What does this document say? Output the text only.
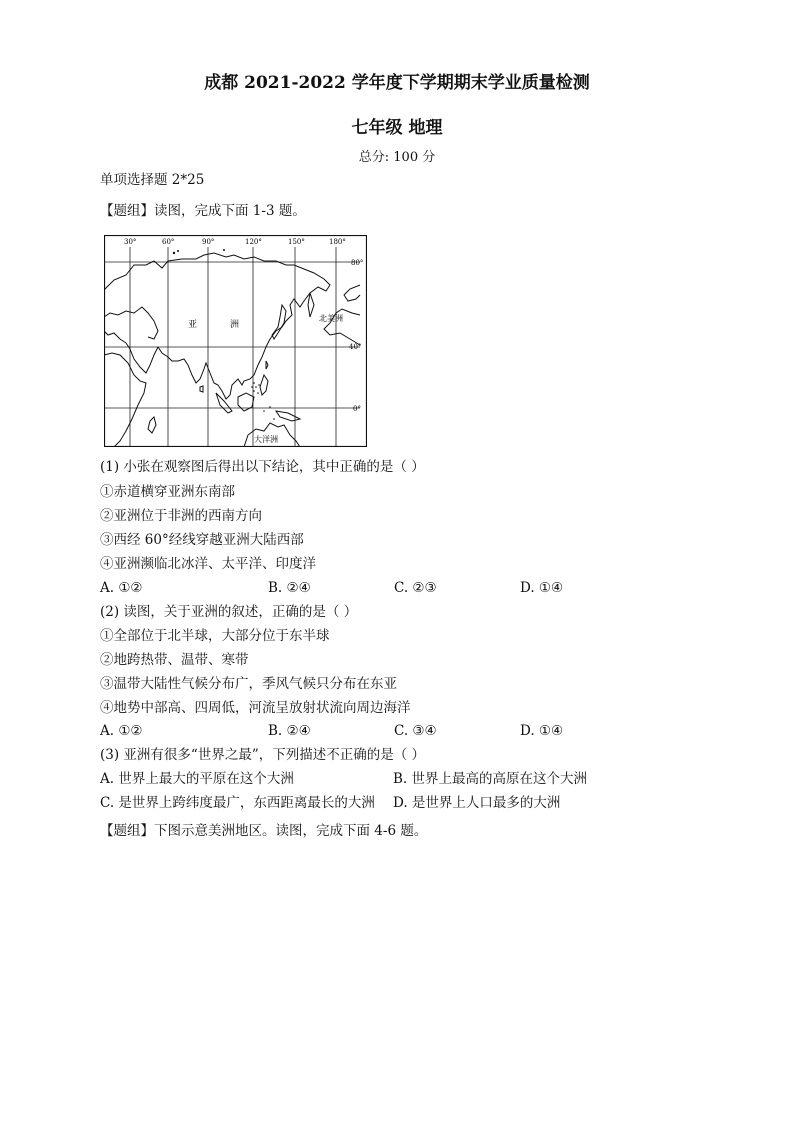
成都 2021-2022 学年度下学期期末学业质量检测
七年级 地理
总分: 100 分
单项选择题 2*25
【题组】读图，完成下面 1-3 题。
30°	60°	90°	120°	150°	180°
80°
40°
0°
亚	洲
北美洲
大洋洲
(1) 小张在观察图后得出以下结论，其中正确的是（ ）
①赤道横穿亚洲东南部
②亚洲位于非洲的西南方向
③西经 60°经线穿越亚洲大陆西部
④亚洲濒临北冰洋、太平洋、印度洋
A. ①②	B. ②④	C. ②③	D. ①④
(2) 读图，关于亚洲的叙述，正确的是（ ）
①全部位于北半球，大部分位于东半球
②地跨热带、温带、寒带
③温带大陆性气候分布广，季风气候只分布在东亚
④地势中部高、四周低，河流呈放射状流向周边海洋
A. ①②	B. ②④	C. ③④	D. ①④
(3) 亚洲有很多“世界之最”，下列描述不正确的是（ ）
A. 世界上最大的平原在这个大洲	B. 世界上最高的高原在这个大洲
C. 是世界上跨纬度最广，东西距离最长的大洲 D. 是世界上人口最多的大洲
【题组】下图示意美洲地区。读图，完成下面 4-6 题。
